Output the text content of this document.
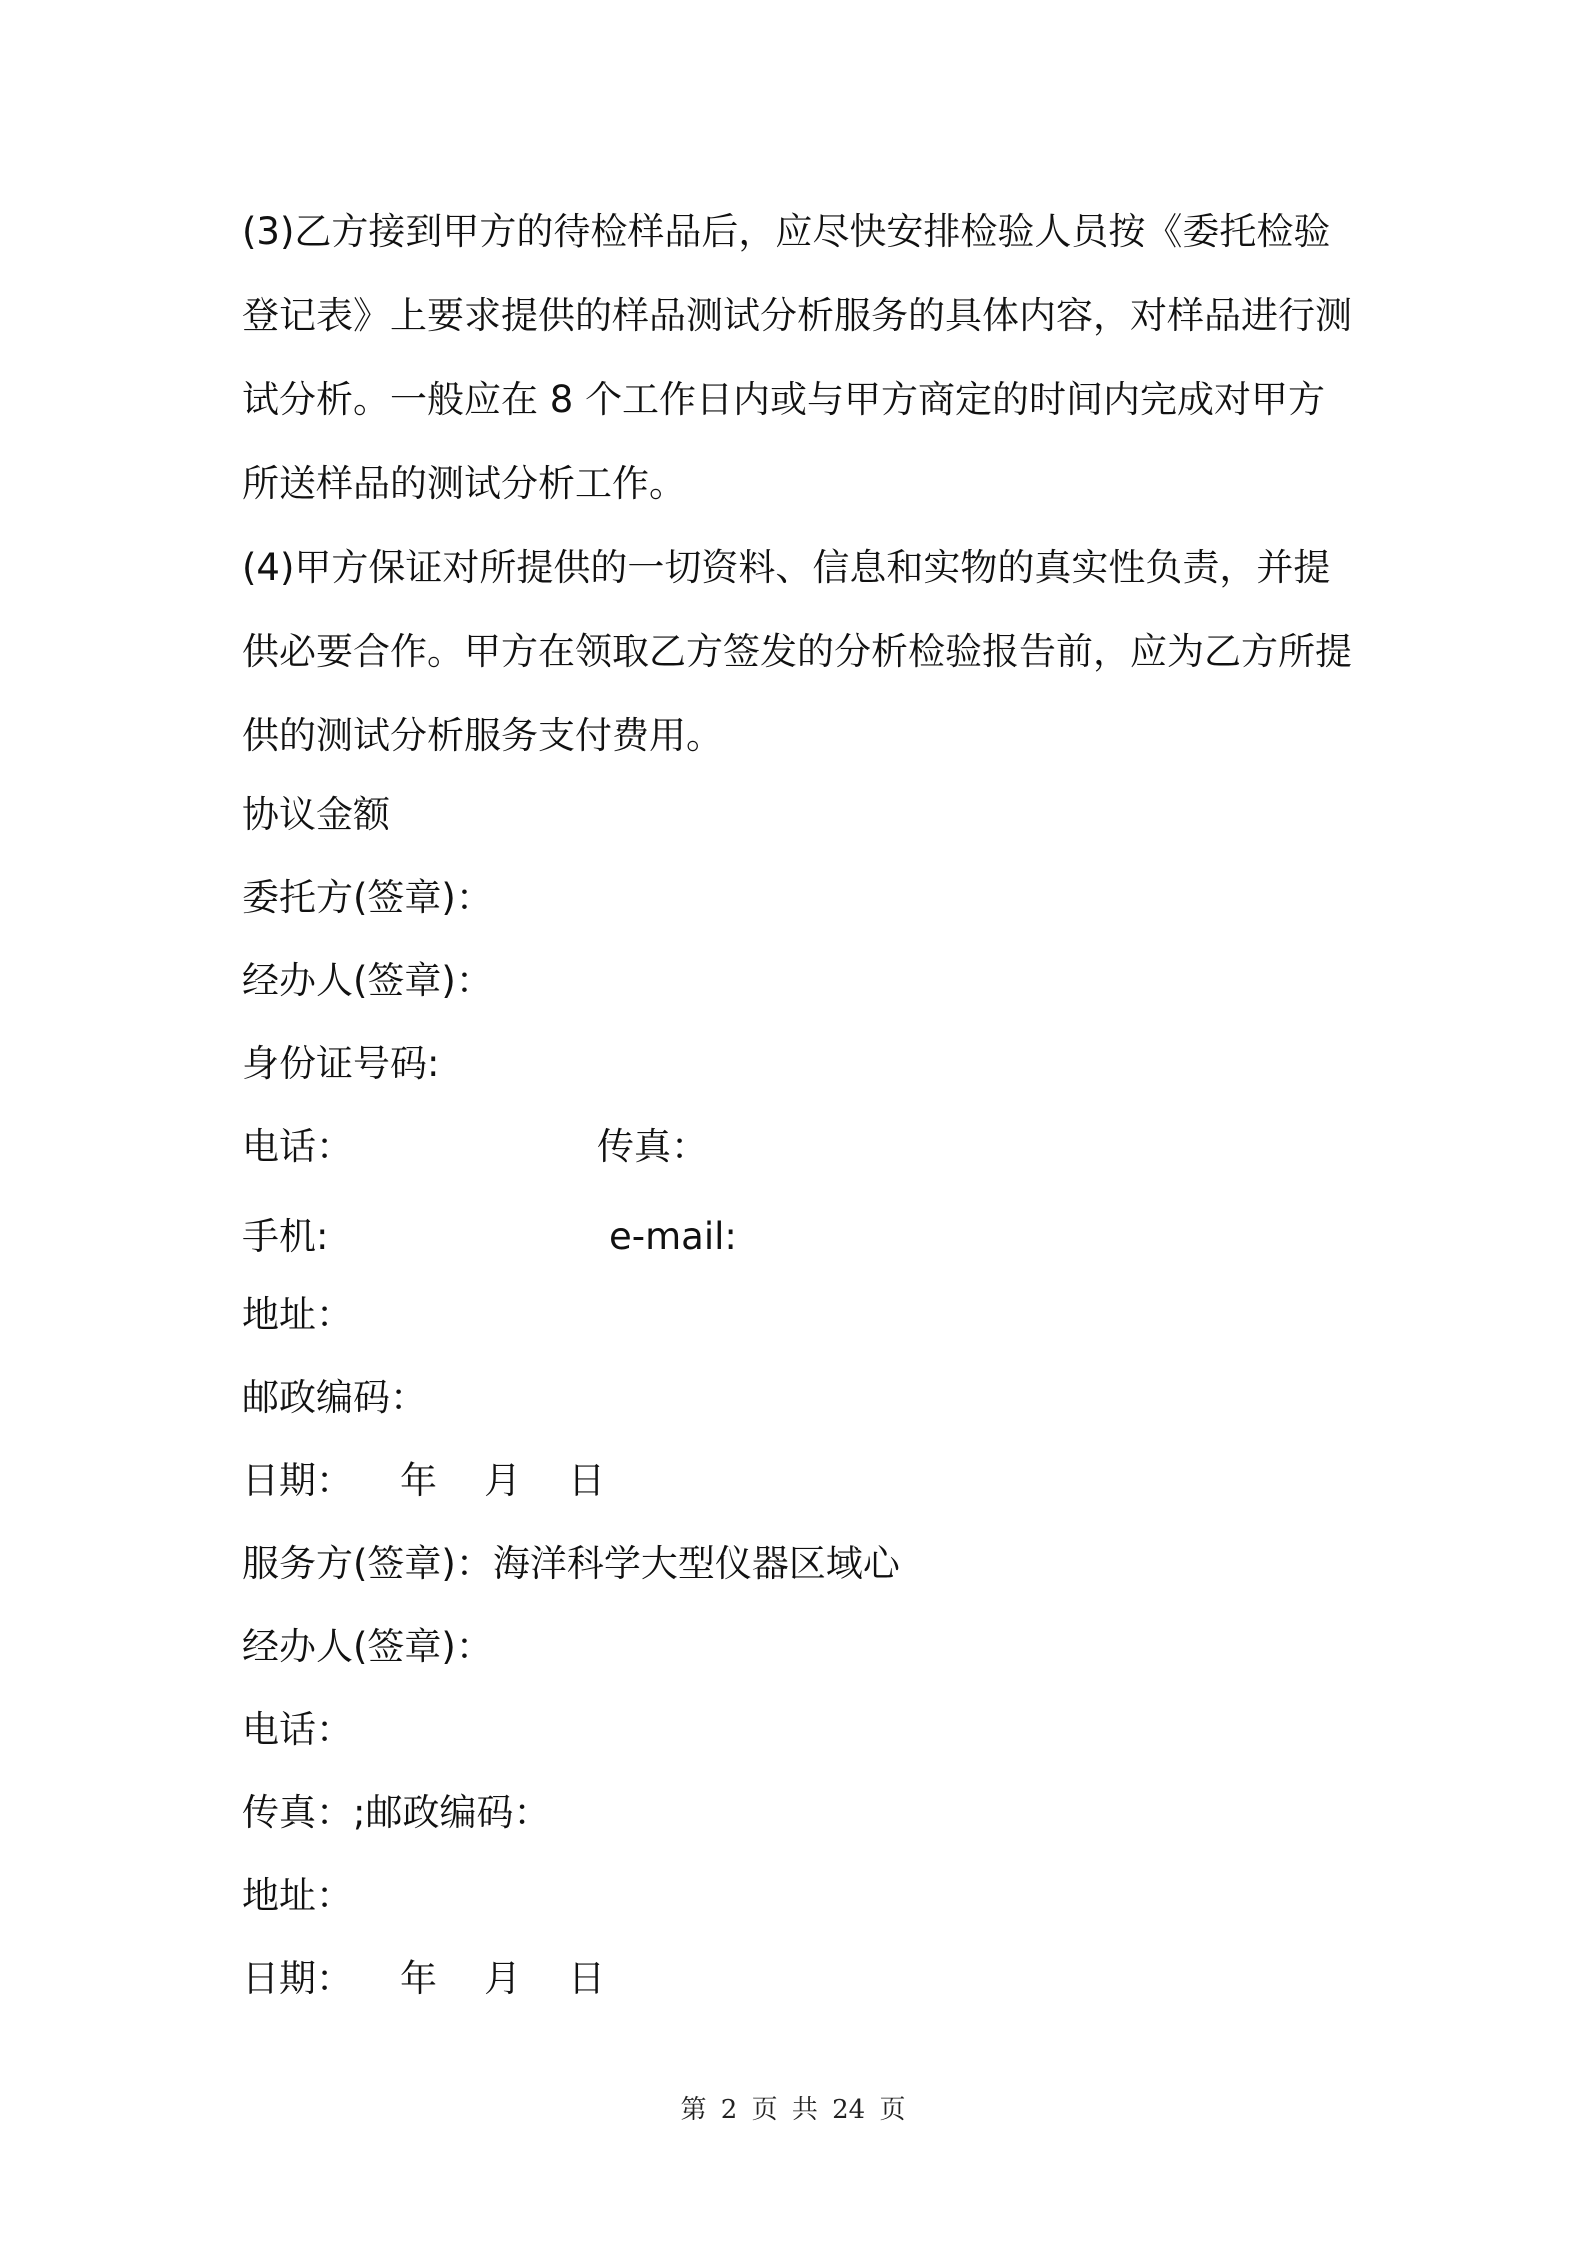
(3)乙方接到甲方的待检样品后，应尽快安排检验人员按《委托检验登记表》上要求提供的样品测试分析服务的具体内容，对样品进行测试分析。一般应在 8 个工作日内或与甲方商定的时间内完成对甲方所送样品的测试分析工作。

(4)甲方保证对所提供的一切资料、信息和实物的真实性负责，并提供必要合作。甲方在领取乙方签发的分析检验报告前，应为乙方所提供的测试分析服务支付费用。

协议金额
委托方(签章)：
经办人(签章)：
身份证号码:
电话：	传真：
手机:	e-mail:
地址：
邮政编码：
日期：    年    月    日
服务方(签章)：海洋科学大型仪器区域心
经办人(签章)：
电话：
传真：;邮政编码：
地址：
日期：    年    月    日
第 2 页 共 24 页
